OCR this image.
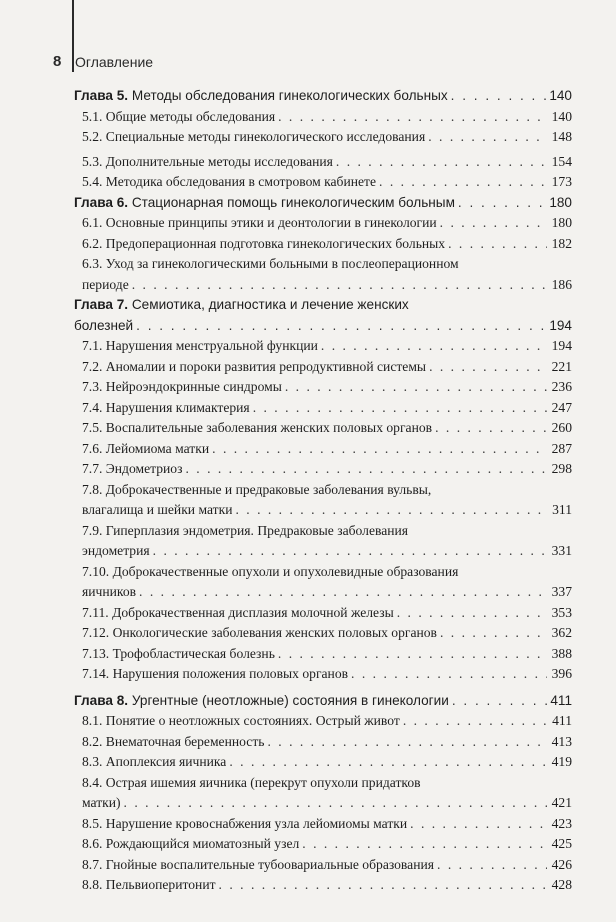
8 Оглавление
Глава 5. Методы обследования гинекологических больных . . .	140
5.1. Общие методы обследования . . .	140
5.2. Специальные методы гинекологического исследования . . .	148
5.3. Дополнительные методы исследования . . .	154
5.4. Методика обследования в смотровом кабинете . . .	173
Глава 6. Стационарная помощь гинекологическим больным . . .	180
6.1. Основные принципы этики и деонтологии в гинекологии . . .	180
6.2. Предоперационная подготовка гинекологических больных . . .	182
6.3. Уход за гинекологическими больными в послеоперационном
периоде . . .	186
Глава 7. Семиотика, диагностика и лечение женских
болезней . . .	194
7.1. Нарушения менструальной функции . . .	194
7.2. Аномалии и пороки развития репродуктивной системы . . .	221
7.3. Нейроэндокринные синдромы . . .	236
7.4. Нарушения климактерия . . .	247
7.5. Воспалительные заболевания женских половых органов . . .	260
7.6. Лейомиома матки . . .	287
7.7. Эндометриоз . . .	298
7.8. Доброкачественные и предраковые заболевания вульвы,
влагалища и шейки матки . . .	311
7.9. Гиперплазия эндометрия. Предраковые заболевания
эндометрия . . .	331
7.10. Доброкачественные опухоли и опухолевидные образования
яичников . . .	337
7.11. Доброкачественная дисплазия молочной железы . . .	353
7.12. Онкологические заболевания женских половых органов . . .	362
7.13. Трофобластическая болезнь . . .	388
7.14. Нарушения положения половых органов . . .	396
Глава 8. Ургентные (неотложные) состояния в гинекологии . . .	411
8.1. Понятие о неотложных состояниях. Острый живот . . .	411
8.2. Внематочная беременность . . .	413
8.3. Апоплексия яичника . . .	419
8.4. Острая ишемия яичника (перекрут опухоли придатков
матки) . . .	421
8.5. Нарушение кровоснабжения узла лейомиомы матки . . .	423
8.6. Рождающийся миоматозный узел . . .	425
8.7. Гнойные воспалительные тубоовариальные образования . . .	426
8.8. Пельвиоперитонит . . .	428
